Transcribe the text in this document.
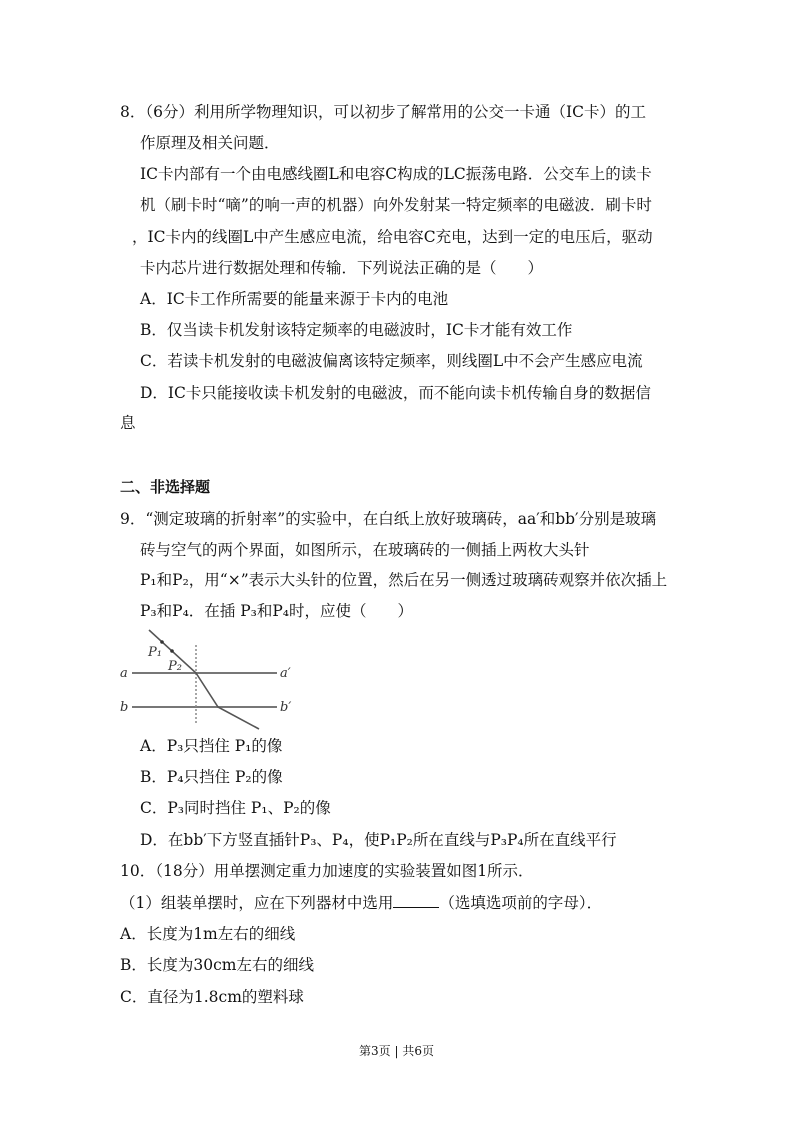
8．（6分）利用所学物理知识，可以初步了解常用的公交一卡通（IC卡）的工
作原理及相关问题．
IC卡内部有一个由电感线圈L和电容C构成的LC振荡电路．公交车上的读卡
机（刷卡时“嘀”的响一声的机器）向外发射某一特定频率的电磁波．刷卡时
，IC卡内的线圈L中产生感应电流，给电容C充电，达到一定的电压后，驱动
卡内芯片进行数据处理和传输．下列说法正确的是（　　）
A．IC卡工作所需要的能量来源于卡内的电池
B．仅当读卡机发射该特定频率的电磁波时，IC卡才能有效工作
C．若读卡机发射的电磁波偏离该特定频率，则线圈L中不会产生感应电流
D．IC卡只能接收读卡机发射的电磁波，而不能向读卡机传输自身的数据信
息
二、非选择题
9．“测定玻璃的折射率”的实验中，在白纸上放好玻璃砖，aa′和bb′分别是玻璃
砖与空气的两个界面，如图所示，在玻璃砖的一侧插上两枚大头针
P₁和P₂，用“×”表示大头针的位置，然后在另一侧透过玻璃砖观察并依次插上
P₃和P₄．在插 P₃和P₄时，应使（　　）
P₁
P₂
a	a′
b	b′
A．P₃只挡住 P₁的像
B．P₄只挡住 P₂的像
C．P₃同时挡住 P₁、P₂的像
D．在bb′下方竖直插针P₃、P₄，使P₁P₂所在直线与P₃P₄所在直线平行
10．（18分）用单摆测定重力加速度的实验装置如图1所示．
（1）组装单摆时，应在下列器材中选用	（选填选项前的字母）．
A．长度为1m左右的细线
B．长度为30cm左右的细线
C．直径为1.8cm的塑料球
第3页 | 共6页
